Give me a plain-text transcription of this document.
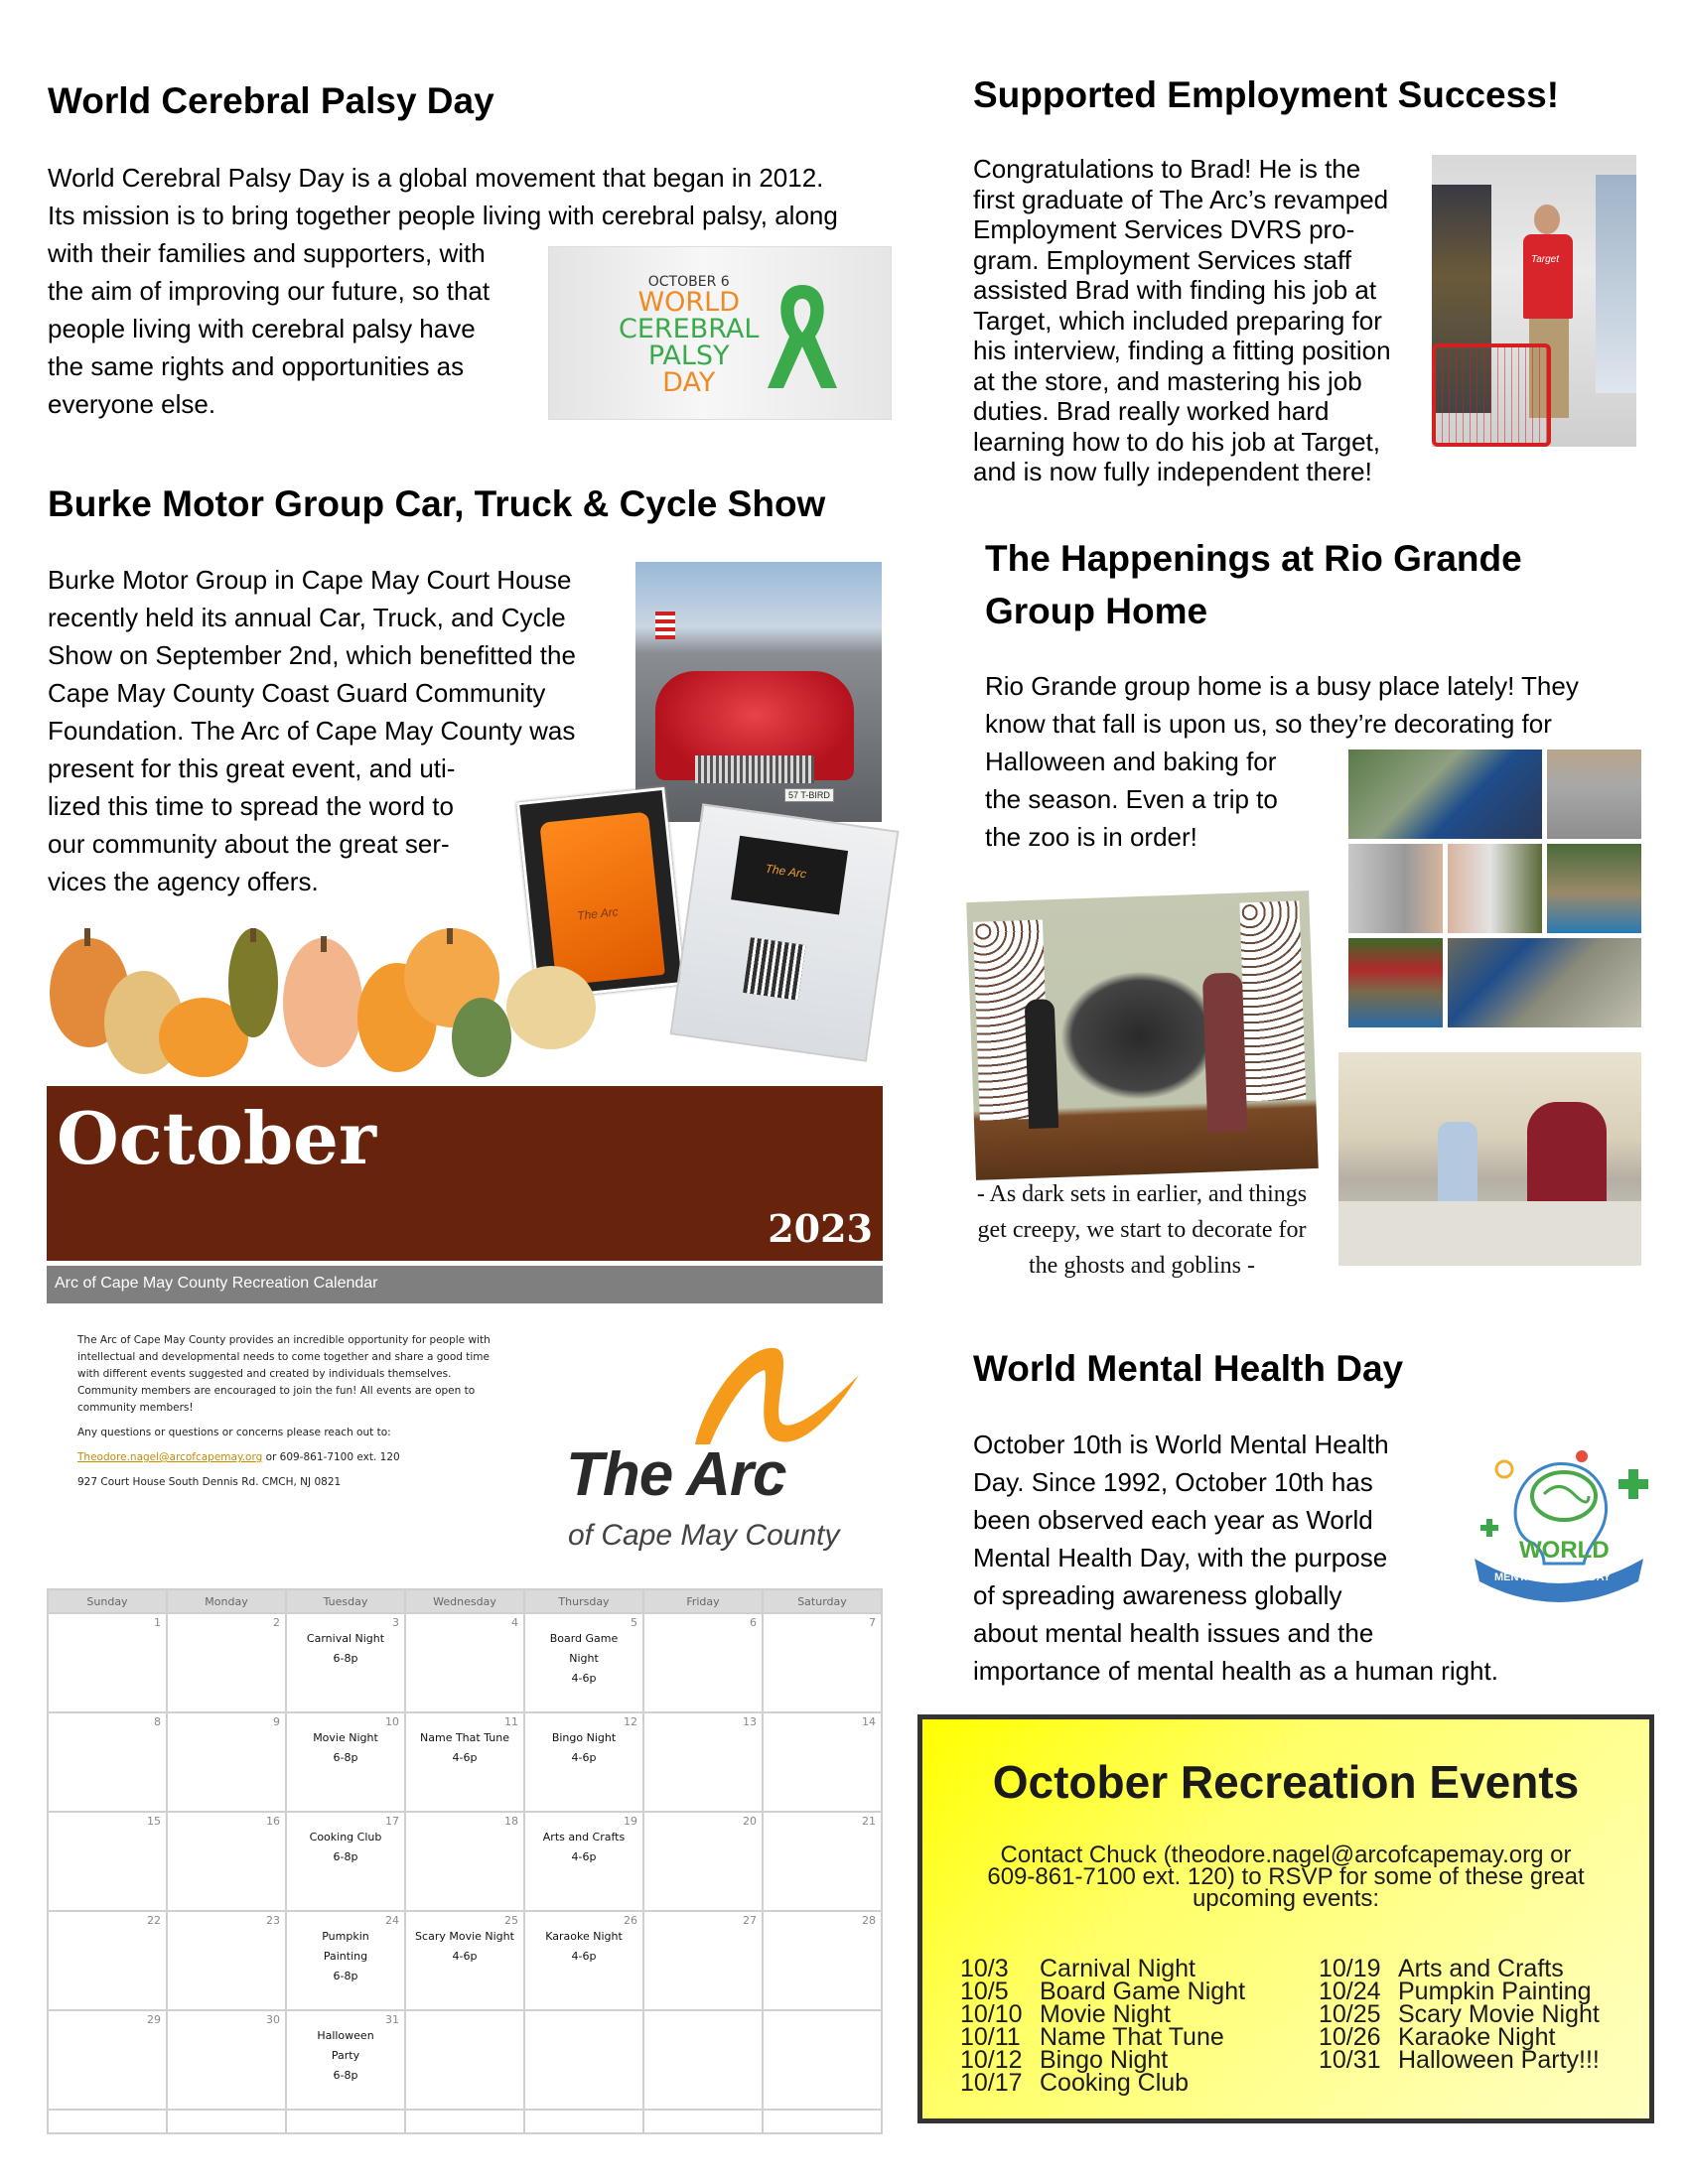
World Cerebral Palsy Day
World Cerebral Palsy Day is a global movement that began in 2012.
Its mission is to bring together people living with cerebral palsy, along
with their families and supporters, with
the aim of improving our future, so that
people living with cerebral palsy have
the same rights and opportunities as
everyone else.
OCTOBER 6
WORLD
CEREBRAL
PALSY
DAY
Supported Employment Success!
Congratulations to Brad! He is the
first graduate of The Arc’s revamped
Employment Services DVRS pro-
gram. Employment Services staff
assisted Brad with finding his job at
Target, which included preparing for
his interview, finding a fitting position
at the store, and mastering his job
duties. Brad really worked hard
learning how to do his job at Target,
and is now fully independent there!
Target
Burke Motor Group Car, Truck & Cycle Show
Burke Motor Group in Cape May Court House
recently held its annual Car, Truck, and Cycle
Show on September 2nd, which benefitted the
Cape May County Coast Guard Community
Foundation. The Arc of Cape May County was
present for this great event, and uti-
lized this time to spread the word to
our community about the great ser-
vices the agency offers.
57 T-BIRD
The Arc
The Arc
The Happenings at Rio Grande
Group Home
Rio Grande group home is a busy place lately! They
know that fall is upon us, so they’re decorating for
Halloween and baking for
the season. Even a trip to
the zoo is in order!
- As dark sets in earlier, and things
get creepy, we start to decorate for
the ghosts and goblins -
October
2023
Arc of Cape May County Recreation Calendar
The Arc of Cape May County provides an incredible opportunity for people with
intellectual and developmental needs to come together and share a good time
with different events suggested and created by individuals themselves.
Community members are encouraged to join the fun! All events are open to
community members!
Any questions or questions or concerns please reach out to:
Theodore.nagel@arcofcapemay.org or 609-861-7100 ext. 120
927 Court House South Dennis Rd. CMCH, NJ 0821	The Arc
of Cape May County
Sunday	Monday	Tuesday	Wednesday	Thursday	Friday	Saturday

1	2	3
Carnival Night
6-8p	4	5
Board Game
Night
4-6p	6	7

8	9	10
Movie Night
6-8p	11
Name That Tune
4-6p	12
Bingo Night
4-6p	13	14

15	16	17
Cooking Club
6-8p	18	19
Arts and Crafts
4-6p	20	21

22	23	24
Pumpkin
Painting
6-8p	25
Scary Movie Night
4-6p	26
Karaoke Night
4-6p	27	28

29	30	31
Halloween
Party
6-8p				

World Mental Health Day
October 10th is World Mental Health
Day. Since 1992, October 10th has
been observed each year as World
Mental Health Day, with the purpose
of spreading awareness globally
about mental health issues and the
importance of mental health as a human right.
WORLD
MENTAL HEALTH DAY
October Recreation Events
Contact Chuck (theodore.nagel@arcofcapemay.org or
609-861-7100 ext. 120) to RSVP for some of these great
upcoming events:
10/3	Carnival Night
10/5	Board Game Night
10/10 Movie Night
10/11 Name That Tune
10/12 Bingo Night
10/17 Cooking Club
10/19 Arts and Crafts
10/24 Pumpkin Painting
10/25 Scary Movie Night
10/26 Karaoke Night
10/31 Halloween Party!!!
